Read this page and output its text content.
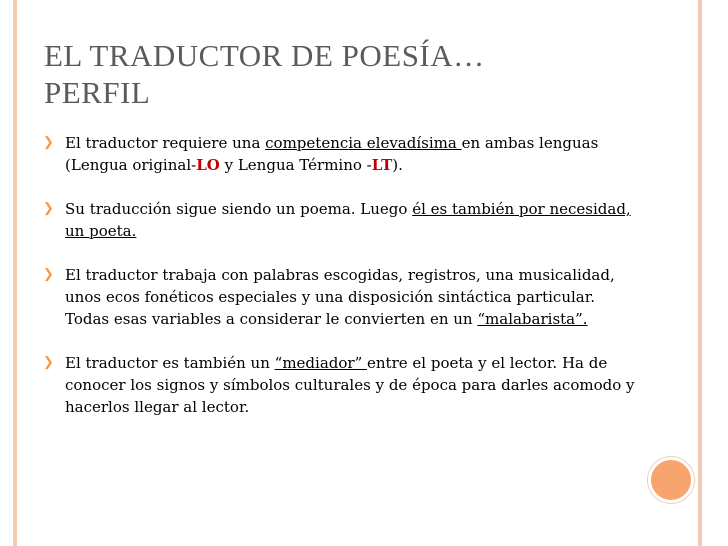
EL TRADUCTOR DE POESÍA…
PERFIL
❯ El traductor requiere una competencia elevadísima en ambas lenguas (Lengua original-LO y Lengua Término -LT).
❯ Su traducción sigue siendo un poema. Luego él es también por necesidad, un poeta.
❯ El traductor trabaja con palabras escogidas, registros, una musicalidad, unos ecos fonéticos especiales y una disposición sintáctica particular. Todas esas variables a considerar le convierten en un “malabarista”.
❯ El traductor es también un “mediador” entre el poeta y el lector. Ha de conocer los signos y símbolos culturales y de época para darles acomodo y hacerlos llegar al lector.
